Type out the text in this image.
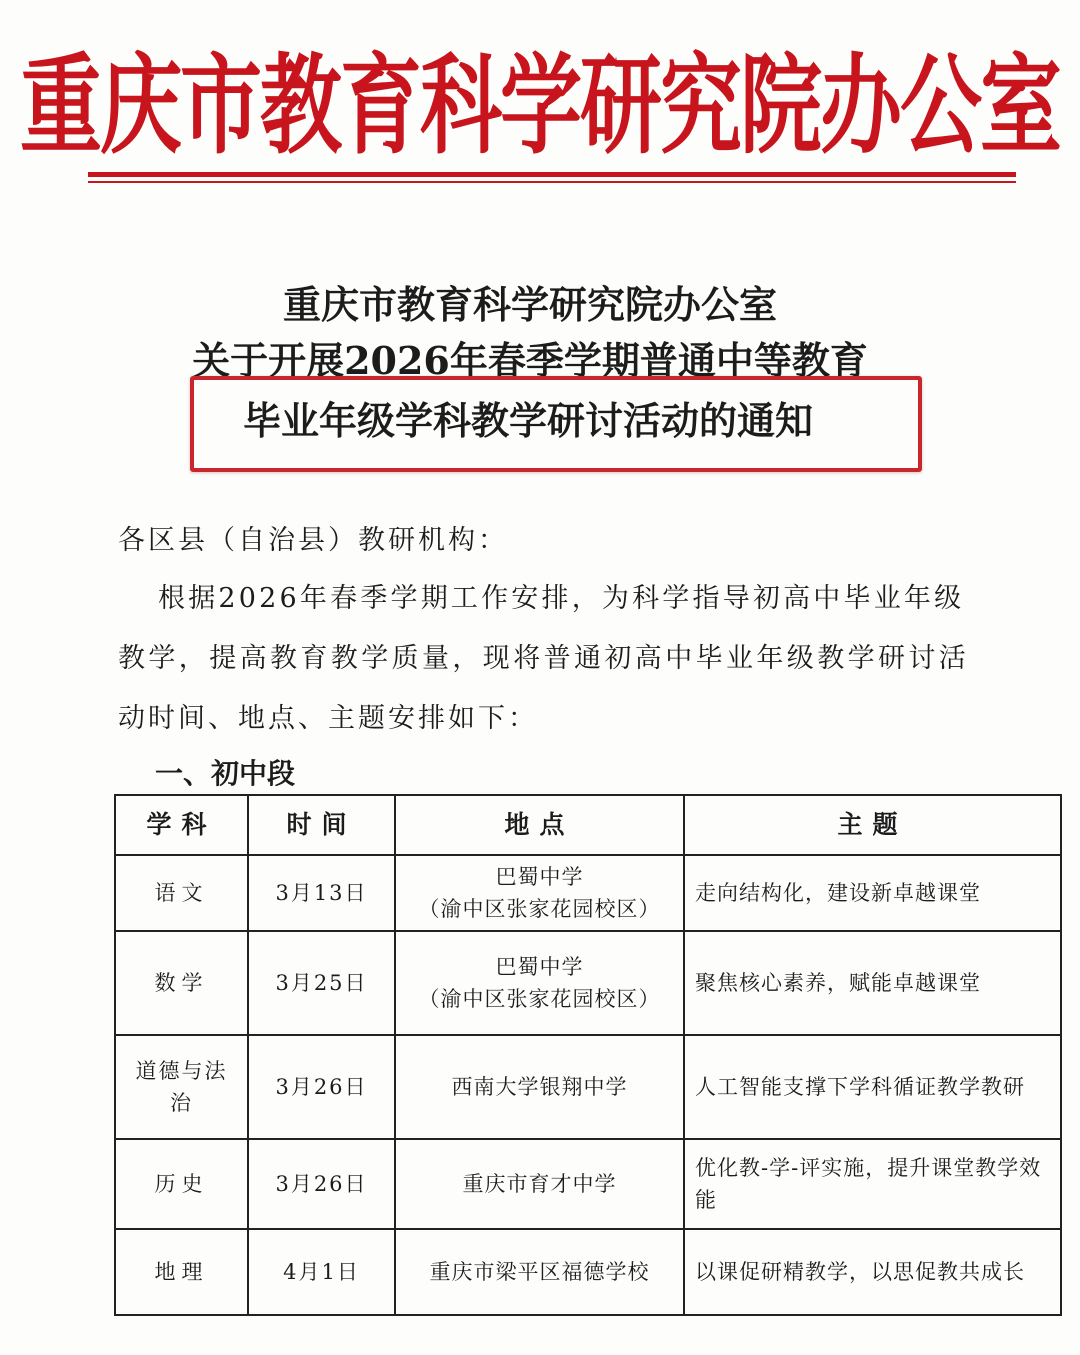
重庆市教育科学研究院办公室
重庆市教育科学研究院办公室
关于开展2026年春季学期普通中等教育
毕业年级学科教学研讨活动的通知
各区县（自治县）教研机构：
根据2026年春季学期工作安排，为科学指导初高中毕业年级
教学，提高教育教学质量，现将普通初高中毕业年级教学研讨活
动时间、地点、主题安排如下：
一、初中段
学科	时间	地点	主题
语文	3月13日	巴蜀中学
（渝中区张家花园校区）	走向结构化，建设新卓越课堂
数学	3月25日	巴蜀中学
（渝中区张家花园校区）	聚焦核心素养，赋能卓越课堂
道德与法治	3月26日	西南大学银翔中学	人工智能支撑下学科循证教学教研
历史	3月26日	重庆市育才中学	优化教-学-评实施，提升课堂教学效能
地理	4月1日	重庆市梁平区福德学校	以课促研精教学，以思促教共成长
